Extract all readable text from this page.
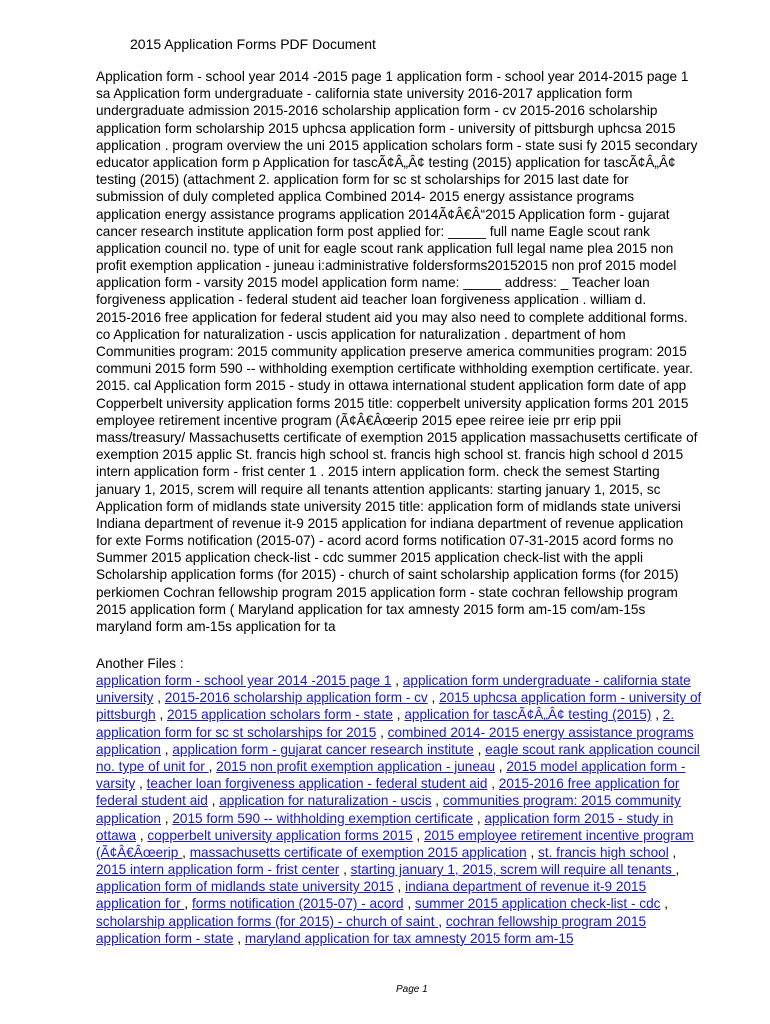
2015 Application Forms PDF Document
Application form - school year 2014 -2015 page 1 application form - school year 2014-2015 page 1
sa Application form undergraduate - california state university 2016-2017 application form
undergraduate admission 2015-2016 scholarship application form - cv 2015-2016 scholarship
application form scholarship 2015 uphcsa application form - university of pittsburgh uphcsa 2015
application . program overview the uni 2015 application scholars form - state susi fy 2015 secondary
educator application form p Application for tascÃ¢Â„Â¢ testing (2015) application for tascÃ¢Â„Â¢
testing (2015) (attachment 2. application form for sc st scholarships for 2015 last date for
submission of duly completed applica Combined 2014- 2015 energy assistance programs
application energy assistance programs application 2014Ã¢Â€Â“2015 Application form - gujarat
cancer research institute application form post applied for: _____ full name Eagle scout rank
application council no. type of unit for eagle scout rank application full legal name plea 2015 non
profit exemption application - juneau i:administrative foldersforms20152015 non prof 2015 model
application form - varsity 2015 model application form name: _____ address: _ Teacher loan
forgiveness application - federal student aid teacher loan forgiveness application . william d.
2015-2016 free application for federal student aid you may also need to complete additional forms.
co Application for naturalization - uscis application for naturalization . department of hom
Communities program: 2015 community application preserve america communities program: 2015
communi 2015 form 590 -- withholding exemption certificate withholding exemption certificate. year.
2015. cal Application form 2015 - study in ottawa international student application form date of app
Copperbelt university application forms 2015 title: copperbelt university application forms 201 2015
employee retirement incentive program (Ã¢Â€Âœerip 2015 epee reiree ieie prr erip ppii
mass/treasury/ Massachusetts certificate of exemption 2015 application massachusetts certificate of
exemption 2015 applic St. francis high school st. francis high school st. francis high school d 2015
intern application form - frist center 1 . 2015 intern application form. check the semest Starting
january 1, 2015, screm will require all tenants attention applicants: starting january 1, 2015, sc
Application form of midlands state university 2015 title: application form of midlands state universi
Indiana department of revenue it-9 2015 application for indiana department of revenue application
for exte Forms notification (2015-07) - acord acord forms notification 07-31-2015 acord forms no
Summer 2015 application check-list - cdc summer 2015 application check-list with the appli
Scholarship application forms (for 2015) - church of saint scholarship application forms (for 2015)
perkiomen Cochran fellowship program 2015 application form - state cochran fellowship program
2015 application form ( Maryland application for tax amnesty 2015 form am-15 com/am-15s
maryland form am-15s application for ta
Another Files :
application form - school year 2014 -2015 page 1 , application form undergraduate - california state
university , 2015-2016 scholarship application form - cv , 2015 uphcsa application form - university of
pittsburgh , 2015 application scholars form - state , application for tascÃ¢Â„Â¢ testing (2015) , 2.
application form for sc st scholarships for 2015 , combined 2014- 2015 energy assistance programs
application , application form - gujarat cancer research institute , eagle scout rank application council
no. type of unit for , 2015 non profit exemption application - juneau , 2015 model application form -
varsity , teacher loan forgiveness application - federal student aid , 2015-2016 free application for
federal student aid , application for naturalization - uscis , communities program: 2015 community
application , 2015 form 590 -- withholding exemption certificate , application form 2015 - study in
ottawa , copperbelt university application forms 2015 , 2015 employee retirement incentive program
(Ã¢Â€Âœerip , massachusetts certificate of exemption 2015 application , st. francis high school ,
2015 intern application form - frist center , starting january 1, 2015, screm will require all tenants ,
application form of midlands state university 2015 , indiana department of revenue it-9 2015
application for , forms notification (2015-07) - acord , summer 2015 application check-list - cdc ,
scholarship application forms (for 2015) - church of saint , cochran fellowship program 2015
application form - state , maryland application for tax amnesty 2015 form am-15
Page 1
